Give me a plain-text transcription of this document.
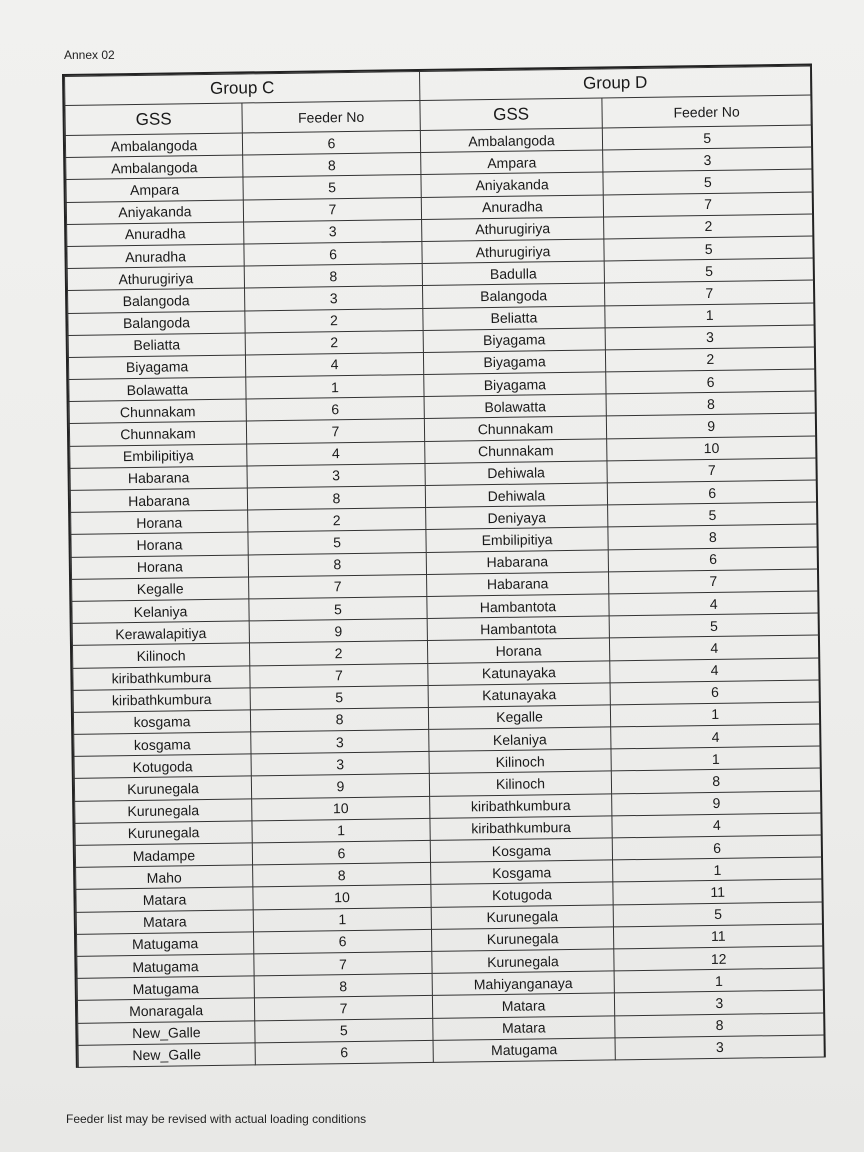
Annex 02
Group C		Group D	
GSS	Feeder No	GSS	Feeder No
Ambalangoda	6	Ambalangoda	5
Ambalangoda	8	Ampara	3
Ampara	5	Aniyakanda	5
Aniyakanda	7	Anuradha	7
Anuradha	3	Athurugiriya	2
Anuradha	6	Athurugiriya	5
Athurugiriya	8	Badulla	5
Balangoda	3	Balangoda	7
Balangoda	2	Beliatta	1
Beliatta	2	Biyagama	3
Biyagama	4	Biyagama	2
Bolawatta	1	Biyagama	6
Chunnakam	6	Bolawatta	8
Chunnakam	7	Chunnakam	9
Embilipitiya	4	Chunnakam	10
Habarana	3	Dehiwala	7
Habarana	8	Dehiwala	6
Horana	2	Deniyaya	5
Horana	5	Embilipitiya	8
Horana	8	Habarana	6
Kegalle	7	Habarana	7
Kelaniya	5	Hambantota	4
Kerawalapitiya	9	Hambantota	5
Kilinoch	2	Horana	4
kiribathkumbura	7	Katunayaka	4
kiribathkumbura	5	Katunayaka	6
kosgama	8	Kegalle	1
kosgama	3	Kelaniya	4
Kotugoda	3	Kilinoch	1
Kurunegala	9	Kilinoch	8
Kurunegala	10	kiribathkumbura	9
Kurunegala	1	kiribathkumbura	4
Madampe	6	Kosgama	6
Maho	8	Kosgama	1
Matara	10	Kotugoda	11
Matara	1	Kurunegala	5
Matugama	6	Kurunegala	11
Matugama	7	Kurunegala	12
Matugama	8	Mahiyanganaya	1
Monaragala	7	Matara	3
New_Galle	5	Matara	8
New_Galle	6	Matugama	3
Feeder list may be revised with actual loading conditions
